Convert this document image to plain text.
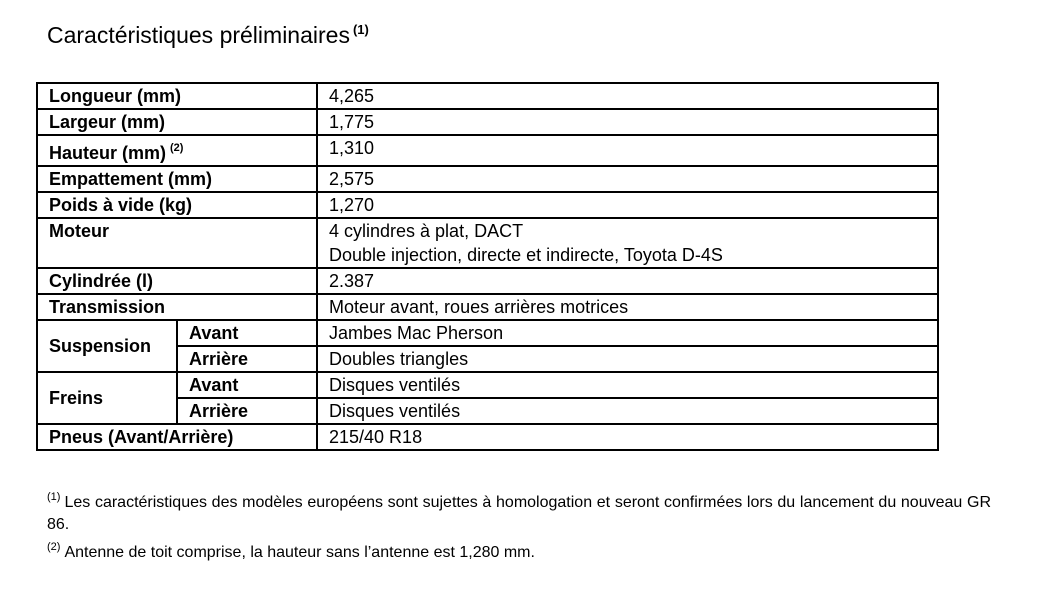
Caractéristiques préliminaires $^{(1)}$
Longueur (mm)		4,265
Largeur (mm)		1,775
Hauteur (mm) $^{(2)}$		1,310
Empattement (mm)		2,575
Poids à vide (kg)		1,270
Moteur		4 cylindres à plat, DACT
Double injection, directe et indirecte, Toyota D-4S

Cylindrée (l)		2.387
Transmission		Moteur avant, roues arrières motrices
Suspension	Avant	Jambes Mac Pherson
	Arrière	Doubles triangles
Freins	Avant	Disques ventilés
	Arrière	Disques ventilés
Pneus (Avant/Arrière)		215/40 R18
$^{(1)}$ Les caractéristiques des modèles européens sont sujettes à homologation et seront confirmées lors du lancement du nouveau GR 86.
$^{(2)}$ Antenne de toit comprise, la hauteur sans l’antenne est 1,280 mm.
